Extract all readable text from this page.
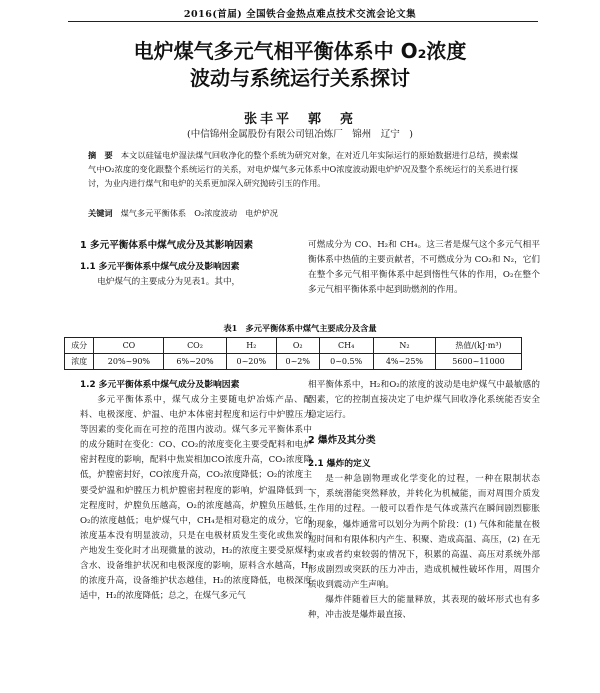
2016(首届) 全国铁合金热点难点技术交流会论文集
电炉煤气多元气相平衡体系中 O₂浓度
波动与系统运行关系探讨
张丰平　郭　亮
(中信锦州金属股份有限公司钮冶炼厂　锦州　辽宁　)
摘　要 本文以硅锰电炉湿法煤气回收净化的整个系统为研究对象，在对近几年实际运行的原始数据进行总结，摸索煤气中O₂浓度的变化跟整个系统运行的关系，对电炉煤气多元体系中O浓度波动跟电炉炉况及整个系统运行的关系进行探讨，为业内进行煤气和电炉的关系更加深入研究抛砖引玉的作用。
关键词 煤气多元平衡体系　O₂浓度波动　电炉炉况
1 多元平衡体系中煤气成分及其影响因素
1.1 多元平衡体系中煤气成分及影响因素

电炉煤气的主要成分为见表1。其中，

可燃成分为 CO、H₂和 CH₄。这三者是煤气这个多元气相平衡体系中热值的主要贡献者，不可燃成分为 CO₂和 N₂，它们在整个多元气相平衡体系中起到惰性气体的作用，O₂在整个多元气相平衡体系中起到助燃剂的作用。

表1　多元平衡体系中煤气主要成分及含量
成分	CO	CO₂	H₂	O₂	CH₄	N₂	热值/(kJ·m³)
浓度	20%~90%	6%~20%	0~20%	0~2%	0~0.5%	4%~25%	5600~11000
1.2 多元平衡体系中煤气成分及影响因素

多元平衡体系中，煤气成分主要随电炉冶炼产品、配料、电极深度、炉温、电炉本体密封程度和运行中炉膛压力等因素的变化而在可控的范围内波动。煤气多元平衡体系中的成分随时在变化：CO、CO₂的浓度变化主要受配料和电炉密封程度的影响，配料中焦炭相加CO浓度升高，CO₂浓度降低，炉膛密封好，CO浓度升高，CO₂浓度降低；O₂的浓度主要受炉温和炉膛压力机炉膛密封程度的影响，炉温降低到一定程度时，炉膛负压越高，O₂的浓度越高，炉膛负压越低，O₂的浓度越低；电炉煤气中，CH₄是相对稳定的成分，它的浓度基本没有明显波动，只是在电极材质发生变化或焦炭的产地发生变化时才出现微量的波动，H₂的浓度主要受原煤料含水、设备维护状况和电极深度的影响，原料含水越高，H₂的浓度升高，设备维护状态越佳，H₂的浓度降低，电极深度适中，H₂的浓度降低；总之，在煤气多元气

相平衡体系中，H₂和O₂的浓度的波动是电炉煤气中最敏感的因素，它的控制直接决定了电炉煤气回收净化系统能否安全稳定运行。

2 爆炸及其分类
2.1 爆炸的定义

是一种急剧物理或化学变化的过程，一种在限制状态下，系统潜能突然释放，并转化为机械能，而对周围介质发生作用的过程。一般可以看作是气体或蒸汽在瞬间剧烈膨胀的现象，爆炸通常可以划分为两个阶段：(1) 气体和能量在极短时间和有限体积内产生、积聚、造成高温、高压，(2) 在无约束或者约束较弱的情况下，积累的高温、高压对系统外部形成剧烈或突跃的压力冲击，造成机械性破坏作用，周围介质收到震动产生声响。

爆炸伴随着巨大的能量释放，其表现的破坏形式也有多种，冲击波是爆炸最直接、
